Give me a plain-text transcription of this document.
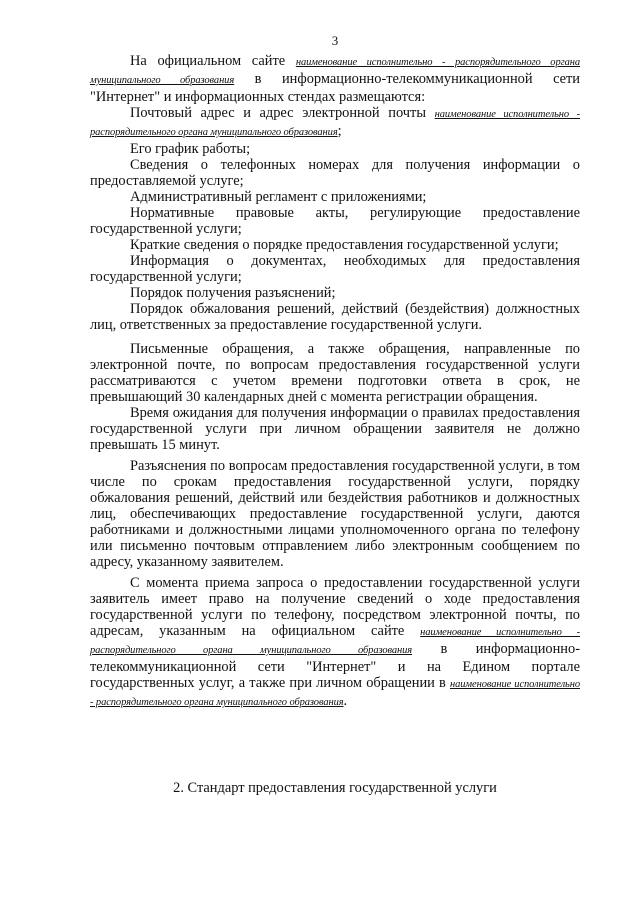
3

На официальном сайте наименование исполнительно - распорядительного органа муниципального образования в информационно-телекоммуникационной сети "Интернет" и информационных стендах размещаются:

Почтовый адрес и адрес электронной почты наименование исполнительно - распорядительного органа муниципального образования;

Его график работы;

Сведения о телефонных номерах для получения информации о предоставляемой услуге;

Административный регламент с приложениями;

Нормативные правовые акты, регулирующие предоставление государственной услуги;

Краткие сведения о порядке предоставления государственной услуги;

Информация о документах, необходимых для предоставления государственной услуги;

Порядок получения разъяснений;

Порядок обжалования решений, действий (бездействия) должностных лиц, ответственных за предоставление государственной услуги.

Письменные обращения, а также обращения, направленные по электронной почте, по вопросам предоставления государственной услуги рассматриваются с учетом времени подготовки ответа в срок, не превышающий 30 календарных дней с момента регистрации обращения.

Время ожидания для получения информации о правилах предоставления государственной услуги при личном обращении заявителя не должно превышать 15 минут.

Разъяснения по вопросам предоставления государственной услуги, в том числе по срокам предоставления государственной услуги, порядку обжалования решений, действий или бездействия работников и должностных лиц, обеспечивающих предоставление государственной услуги, даются работниками и должностными лицами уполномоченного органа по телефону или письменно почтовым отправлением либо электронным сообщением по адресу, указанному заявителем.

С момента приема запроса о предоставлении государственной услуги заявитель имеет право на получение сведений о ходе предоставления государственной услуги по телефону, посредством электронной почты, по адресам, указанным на официальном сайте наименование исполнительно - распорядительного органа муниципального образования в информационно-телекоммуникационной сети "Интернет" и на Едином портале государственных услуг, а также при личном обращении в наименование исполнительно - распорядительного органа муниципального образования.

2. Стандарт предоставления государственной услуги
